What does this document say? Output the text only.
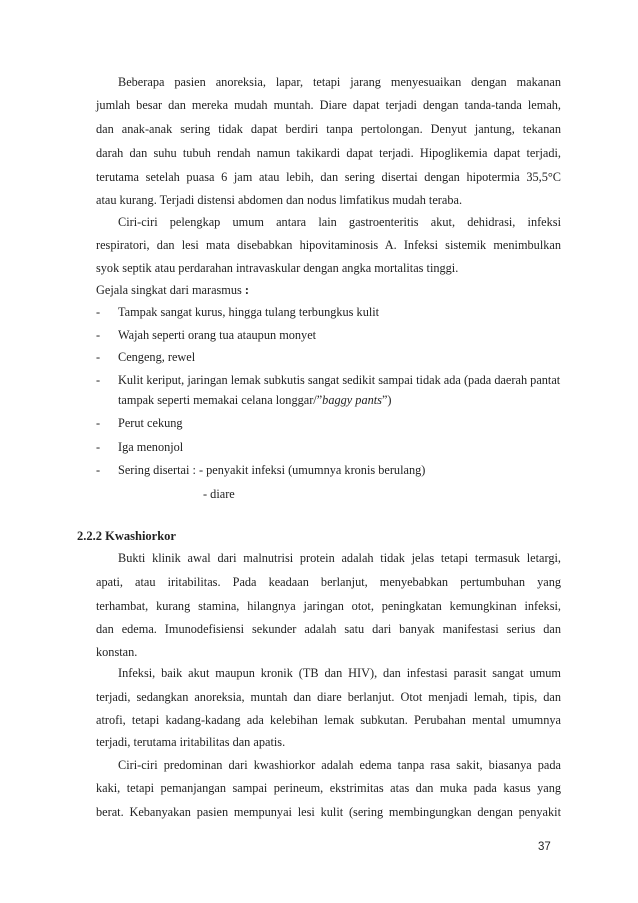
Beberapa pasien anoreksia, lapar, tetapi jarang menyesuaikan dengan makanan
jumlah besar dan mereka mudah muntah. Diare dapat terjadi dengan tanda-tanda lemah,
dan anak-anak sering tidak dapat berdiri tanpa pertolongan. Denyut jantung, tekanan
darah dan suhu tubuh rendah namun takikardi dapat terjadi. Hipoglikemia dapat terjadi,
terutama setelah puasa 6 jam atau lebih, dan sering disertai dengan hipotermia 35,5°C
atau kurang. Terjadi distensi abdomen dan nodus limfatikus mudah teraba.
Ciri-ciri pelengkap umum antara lain gastroenteritis akut, dehidrasi, infeksi
respiratori, dan lesi mata disebabkan hipovitaminosis A. Infeksi sistemik menimbulkan
syok septik atau perdarahan intravaskular dengan angka mortalitas tinggi.
Gejala singkat dari marasmus :
- Tampak sangat kurus, hingga tulang terbungkus kulit
- Wajah seperti orang tua ataupun monyet
- Cengeng, rewel
- Kulit keriput, jaringan lemak subkutis sangat sedikit sampai tidak ada (pada daerah pantat
tampak seperti memakai celana longgar/”baggy pants”)
- Perut cekung
- Iga menonjol
- Sering disertai : - penyakit infeksi (umumnya kronis berulang)
- diare
2.2.2 Kwashiorkor
Bukti klinik awal dari malnutrisi protein adalah tidak jelas tetapi termasuk letargi,
apati, atau iritabilitas. Pada keadaan berlanjut, menyebabkan pertumbuhan yang
terhambat, kurang stamina, hilangnya jaringan otot, peningkatan kemungkinan infeksi,
dan edema. Imunodefisiensi sekunder adalah satu dari banyak manifestasi serius dan
konstan.
Infeksi, baik akut maupun kronik (TB dan HIV), dan infestasi parasit sangat umum
terjadi, sedangkan anoreksia, muntah dan diare berlanjut. Otot menjadi lemah, tipis, dan
atrofi, tetapi kadang-kadang ada kelebihan lemak subkutan. Perubahan mental umumnya
terjadi, terutama iritabilitas dan apatis.
Ciri-ciri predominan dari kwashiorkor adalah edema tanpa rasa sakit, biasanya pada
kaki, tetapi pemanjangan sampai perineum, ekstrimitas atas dan muka pada kasus yang
berat. Kebanyakan pasien mempunyai lesi kulit (sering membingungkan dengan penyakit
37
